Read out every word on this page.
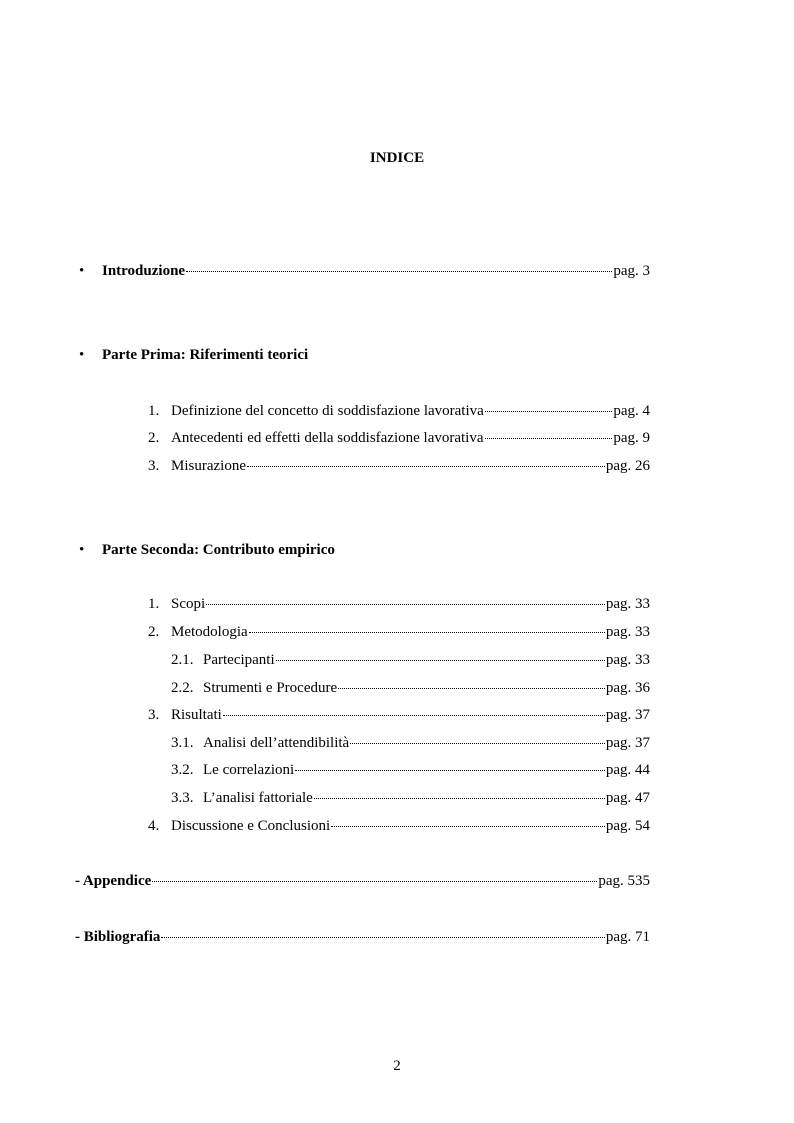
INDICE
• Introduzione	pag. 3
• Parte Prima: Riferimenti teorici
1. Definizione del concetto di soddisfazione lavorativa	pag. 4
2. Antecedenti ed effetti della soddisfazione lavorativa	pag. 9
3. Misurazione	pag. 26
• Parte Seconda: Contributo empirico
1. Scopi	pag. 33
2. Metodologia	pag. 33
2.1. Partecipanti	pag. 33
2.2. Strumenti e Procedure	pag. 36
3. Risultati	pag. 37
3.1. Analisi dell’attendibilità	pag. 37
3.2. Le correlazioni	pag. 44
3.3. L’analisi fattoriale	pag. 47
4. Discussione e Conclusioni	pag. 54
- Appendice	pag. 535
- Bibliografia	pag. 71
2
